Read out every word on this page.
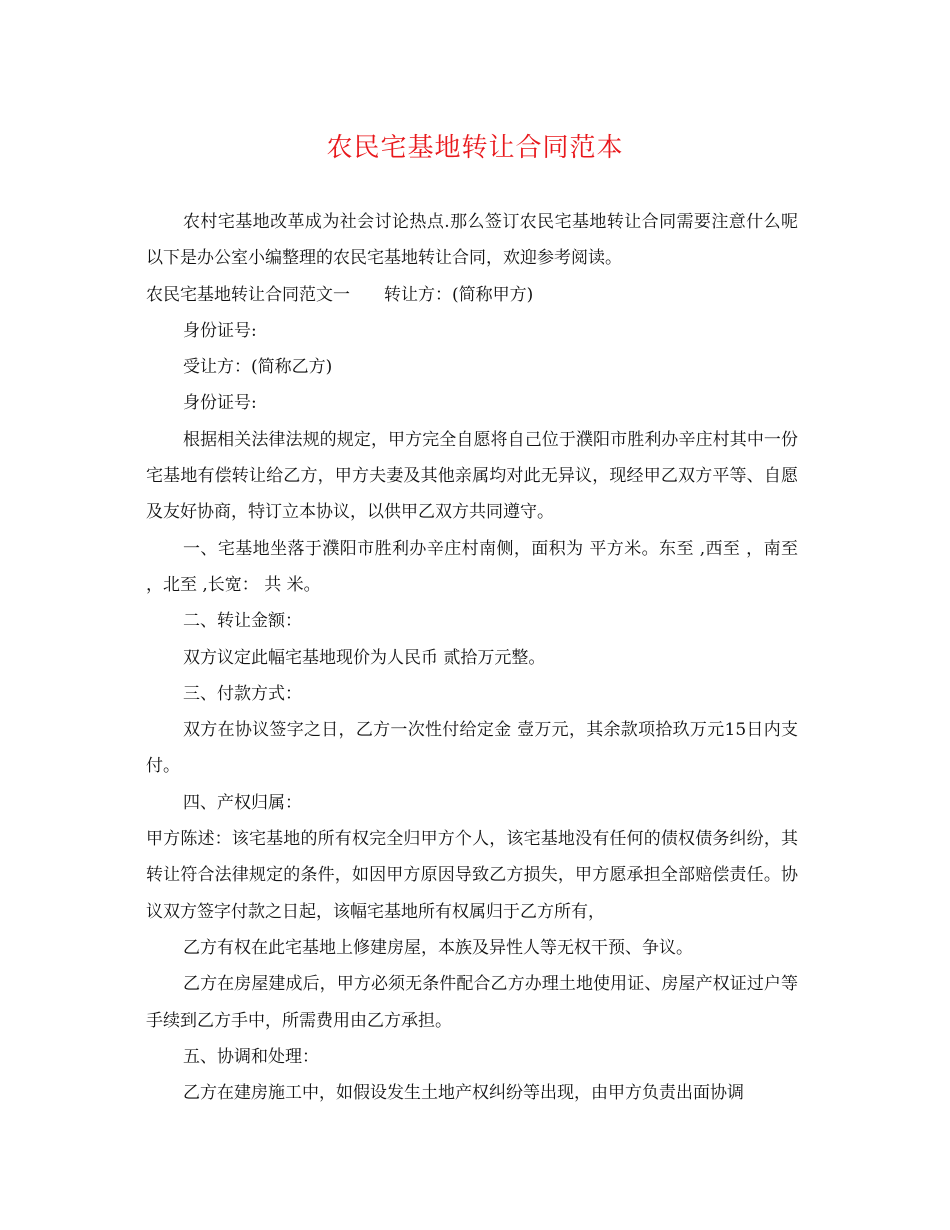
农民宅基地转让合同范本

农村宅基地改革成为社会讨论热点.那么签订农民宅基地转让合同需要注意什么呢以下是办公室小编整理的农民宅基地转让合同，欢迎参考阅读。

农民宅基地转让合同范文一　　转让方：(简称甲方)

身份证号:

受让方：(简称乙方)

身份证号:

根据相关法律法规的规定，甲方完全自愿将自己位于濮阳市胜利办辛庄村其中一份宅基地有偿转让给乙方，甲方夫妻及其他亲属均对此无异议，现经甲乙双方平等、自愿及友好协商，特订立本协议，以供甲乙双方共同遵守。

一、宅基地坐落于濮阳市胜利办辛庄村南侧，面积为 平方米。东至 ,西至 ，南至 ，北至 ,长宽： 共 米。

二、转让金额：

双方议定此幅宅基地现价为人民币 贰拾万元整。

三、付款方式：

双方在协议签字之日，乙方一次性付给定金 壹万元，其余款项拾玖万元15日内支付。

四、产权归属：

甲方陈述：该宅基地的所有权完全归甲方个人，该宅基地没有任何的债权债务纠纷，其转让符合法律规定的条件，如因甲方原因导致乙方损失，甲方愿承担全部赔偿责任。协议双方签字付款之日起，该幅宅基地所有权属归于乙方所有，

乙方有权在此宅基地上修建房屋，本族及异性人等无权干预、争议。

乙方在房屋建成后，甲方必须无条件配合乙方办理土地使用证、房屋产权证过户等手续到乙方手中，所需费用由乙方承担。

五、协调和处理：

乙方在建房施工中，如假设发生土地产权纠纷等出现，由甲方负责出面协调
